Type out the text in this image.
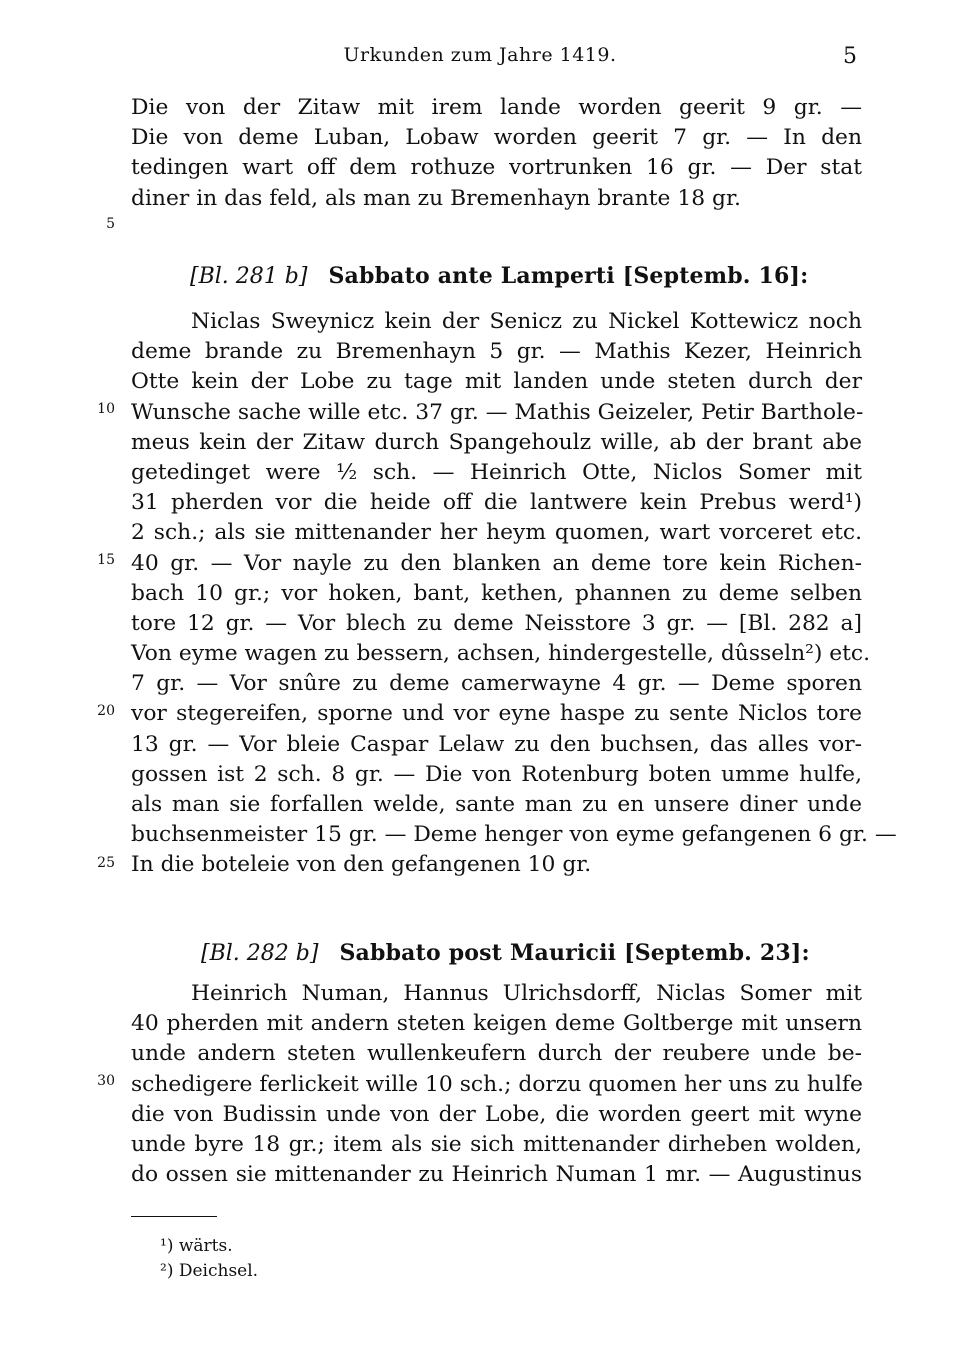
Urkunden zum Jahre 1419.	5
Die von der Zitaw mit irem lande worden geerit 9 gr. —
Die von deme Luban, Lobaw worden geerit 7 gr. — In den
tedingen wart off dem rothuze vortrunken 16 gr. — Der stat
diner in das feld, als man zu Bremenhayn brante 18 gr.
[Bl. 281 b] Sabbato ante Lamperti [Septemb. 16]:
Niclas Sweynicz kein der Senicz zu Nickel Kottewicz noch
deme brande zu Bremenhayn 5 gr. — Mathis Kezer, Heinrich
Otte kein der Lobe zu tage mit landen unde steten durch der
Wunsche sache wille etc. 37 gr. — Mathis Geizeler, Petir Barthole-
meus kein der Zitaw durch Spangehoulz wille, ab der brant abe
getedinget were ½ sch. — Heinrich Otte, Niclos Somer mit
31 pherden vor die heide off die lantwere kein Prebus werd¹)
2 sch.; als sie mittenander her heym quomen, wart vorceret etc.
40 gr. — Vor nayle zu den blanken an deme tore kein Richen-
bach 10 gr.; vor hoken, bant, kethen, phannen zu deme selben
tore 12 gr. — Vor blech zu deme Neisstore 3 gr. — [Bl. 282 a]
Von eyme wagen zu bessern, achsen, hindergestelle, dûsseln²) etc.
7 gr. — Vor snûre zu deme camerwayne 4 gr. — Deme sporen
vor stegereifen, sporne und vor eyne haspe zu sente Niclos tore
13 gr. — Vor bleie Caspar Lelaw zu den buchsen, das alles vor-
gossen ist 2 sch. 8 gr. — Die von Rotenburg boten umme hulfe,
als man sie forfallen welde, sante man zu en unsere diner unde
buchsenmeister 15 gr. — Deme henger von eyme gefangenen 6 gr. —
In die boteleie von den gefangenen 10 gr.
[Bl. 282 b] Sabbato post Mauricii [Septemb. 23]:
Heinrich Numan, Hannus Ulrichsdorff, Niclas Somer mit
40 pherden mit andern steten keigen deme Goltberge mit unsern
unde andern steten wullenkeufern durch der reubere unde be-
schedigere ferlickeit wille 10 sch.; dorzu quomen her uns zu hulfe
die von Budissin unde von der Lobe, die worden geert mit wyne
unde byre 18 gr.; item als sie sich mittenander dirheben wolden,
do ossen sie mittenander zu Heinrich Numan 1 mr. — Augustinus
5
10
15
20
25
30
¹) wärts.
²) Deichsel.
